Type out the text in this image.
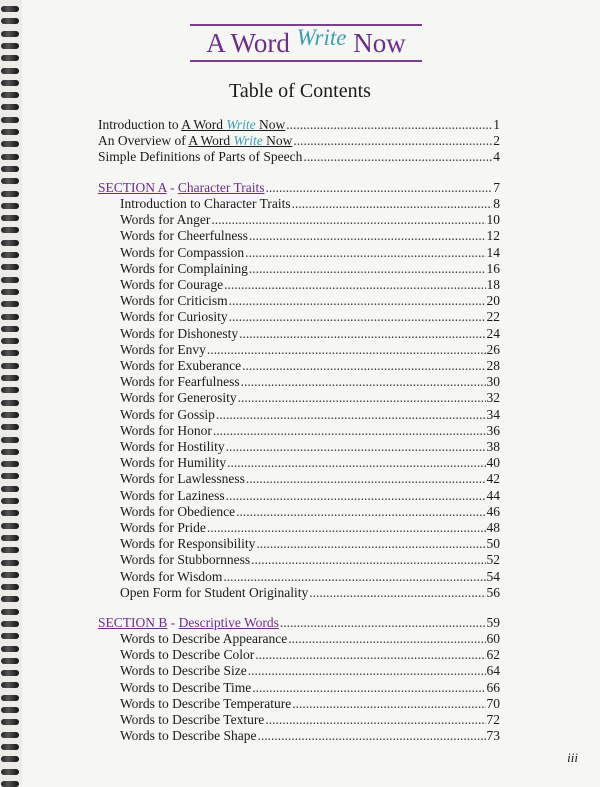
A Word Write Now
Table of Contents
Introduction to A Word Write Now .....	1
An Overview of A Word Write Now .....	2
Simple Definitions of Parts of Speech .....	4
SECTION A - Character Traits .....	7
Introduction to Character Traits .....	8
Words for Anger .....	10
Words for Cheerfulness .....	12
Words for Compassion .....	14
Words for Complaining .....	16
Words for Courage .....	18
Words for Criticism .....	20
Words for Curiosity .....	22
Words for Dishonesty .....	24
Words for Envy .....	26
Words for Exuberance .....	28
Words for Fearfulness .....	30
Words for Generosity .....	32
Words for Gossip .....	34
Words for Honor .....	36
Words for Hostility .....	38
Words for Humility .....	40
Words for Lawlessness .....	42
Words for Laziness .....	44
Words for Obedience .....	46
Words for Pride .....	48
Words for Responsibility .....	50
Words for Stubbornness .....	52
Words for Wisdom .....	54
Open Form for Student Originality .....	56
SECTION B - Descriptive Words .....	59
Words to Describe Appearance .....	60
Words to Describe Color .....	62
Words to Describe Size .....	64
Words to Describe Time .....	66
Words to Describe Temperature .....	70
Words to Describe Texture .....	72
Words to Describe Shape .....	73
iii
